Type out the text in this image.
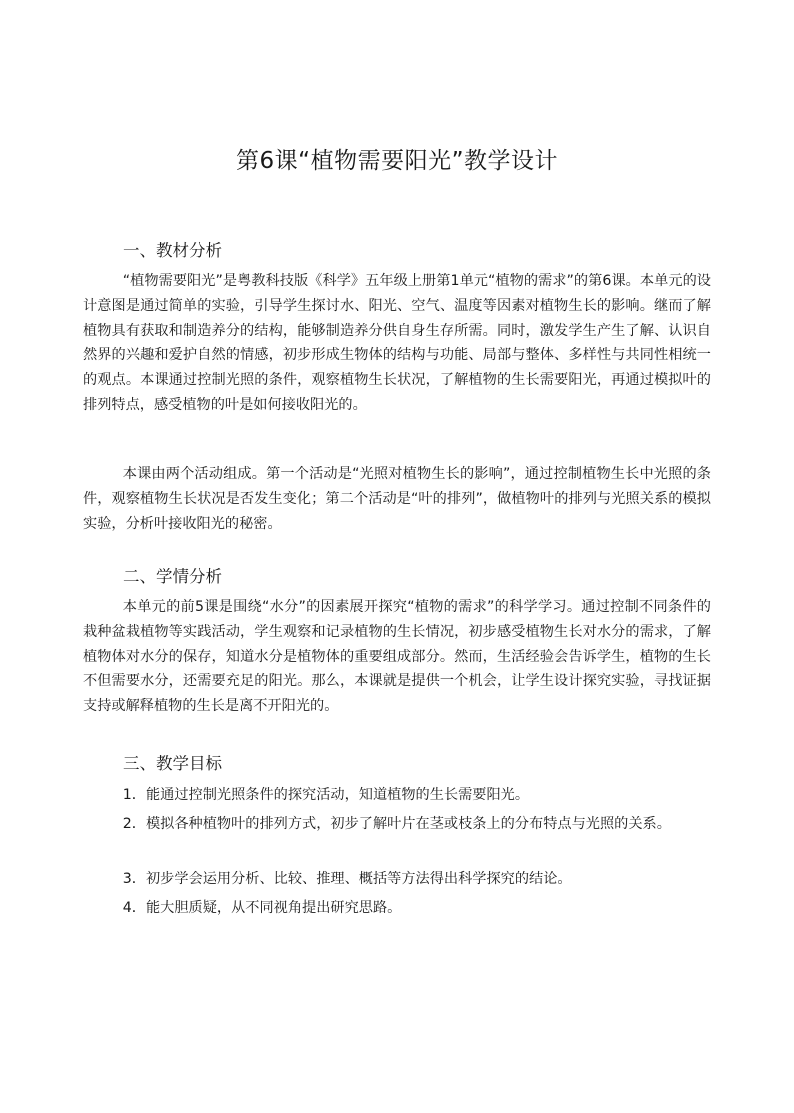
第6课“植物需要阳光”教学设计
一、教材分析
“植物需要阳光”是粤教科技版《科学》五年级上册第1单元“植物的需求”的第6课。本单元的设计意图是通过简单的实验，引导学生探讨水、阳光、空气、温度等因素对植物生长的影响。继而了解植物具有获取和制造养分的结构，能够制造养分供自身生存所需。同时，激发学生产生了解、认识自然界的兴趣和爱护自然的情感，初步形成生物体的结构与功能、局部与整体、多样性与共同性相统一的观点。本课通过控制光照的条件，观察植物生长状况，了解植物的生长需要阳光，再通过模拟叶的排列特点，感受植物的叶是如何接收阳光的。
本课由两个活动组成。第一个活动是“光照对植物生长的影响”，通过控制植物生长中光照的条件，观察植物生长状况是否发生变化；第二个活动是“叶的排列”，做植物叶的排列与光照关系的模拟实验，分析叶接收阳光的秘密。
二、学情分析
本单元的前5课是围绕“水分”的因素展开探究“植物的需求”的科学学习。通过控制不同条件的栽种盆栽植物等实践活动，学生观察和记录植物的生长情况，初步感受植物生长对水分的需求，了解植物体对水分的保存，知道水分是植物体的重要组成部分。然而，生活经验会告诉学生，植物的生长不但需要水分，还需要充足的阳光。那么，本课就是提供一个机会，让学生设计探究实验，寻找证据支持或解释植物的生长是离不开阳光的。
三、教学目标
1．能通过控制光照条件的探究活动，知道植物的生长需要阳光。
2．模拟各种植物叶的排列方式，初步了解叶片在茎或枝条上的分布特点与光照的关系。
3．初步学会运用分析、比较、推理、概括等方法得出科学探究的结论。
4．能大胆质疑，从不同视角提出研究思路。
